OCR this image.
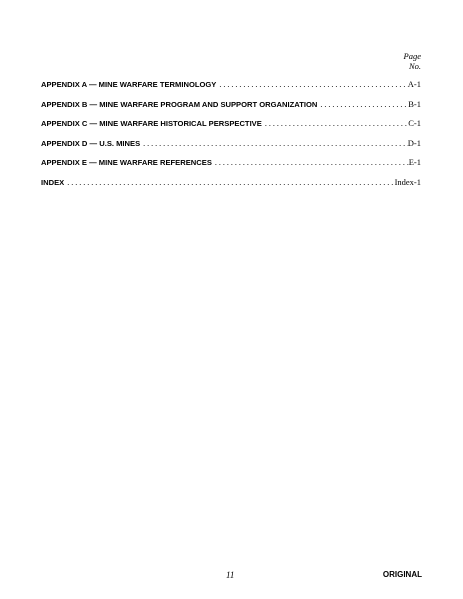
Page
No.
APPENDIX A — MINE WARFARE TERMINOLOGY . . .	A-1
APPENDIX B — MINE WARFARE PROGRAM AND SUPPORT ORGANIZATION . . .	B-1
APPENDIX C — MINE WARFARE HISTORICAL PERSPECTIVE . . .	C-1
APPENDIX D — U.S. MINES . . .	D-1
APPENDIX E — MINE WARFARE REFERENCES . . .	E-1
INDEX . . .	Index-1
11	ORIGINAL
